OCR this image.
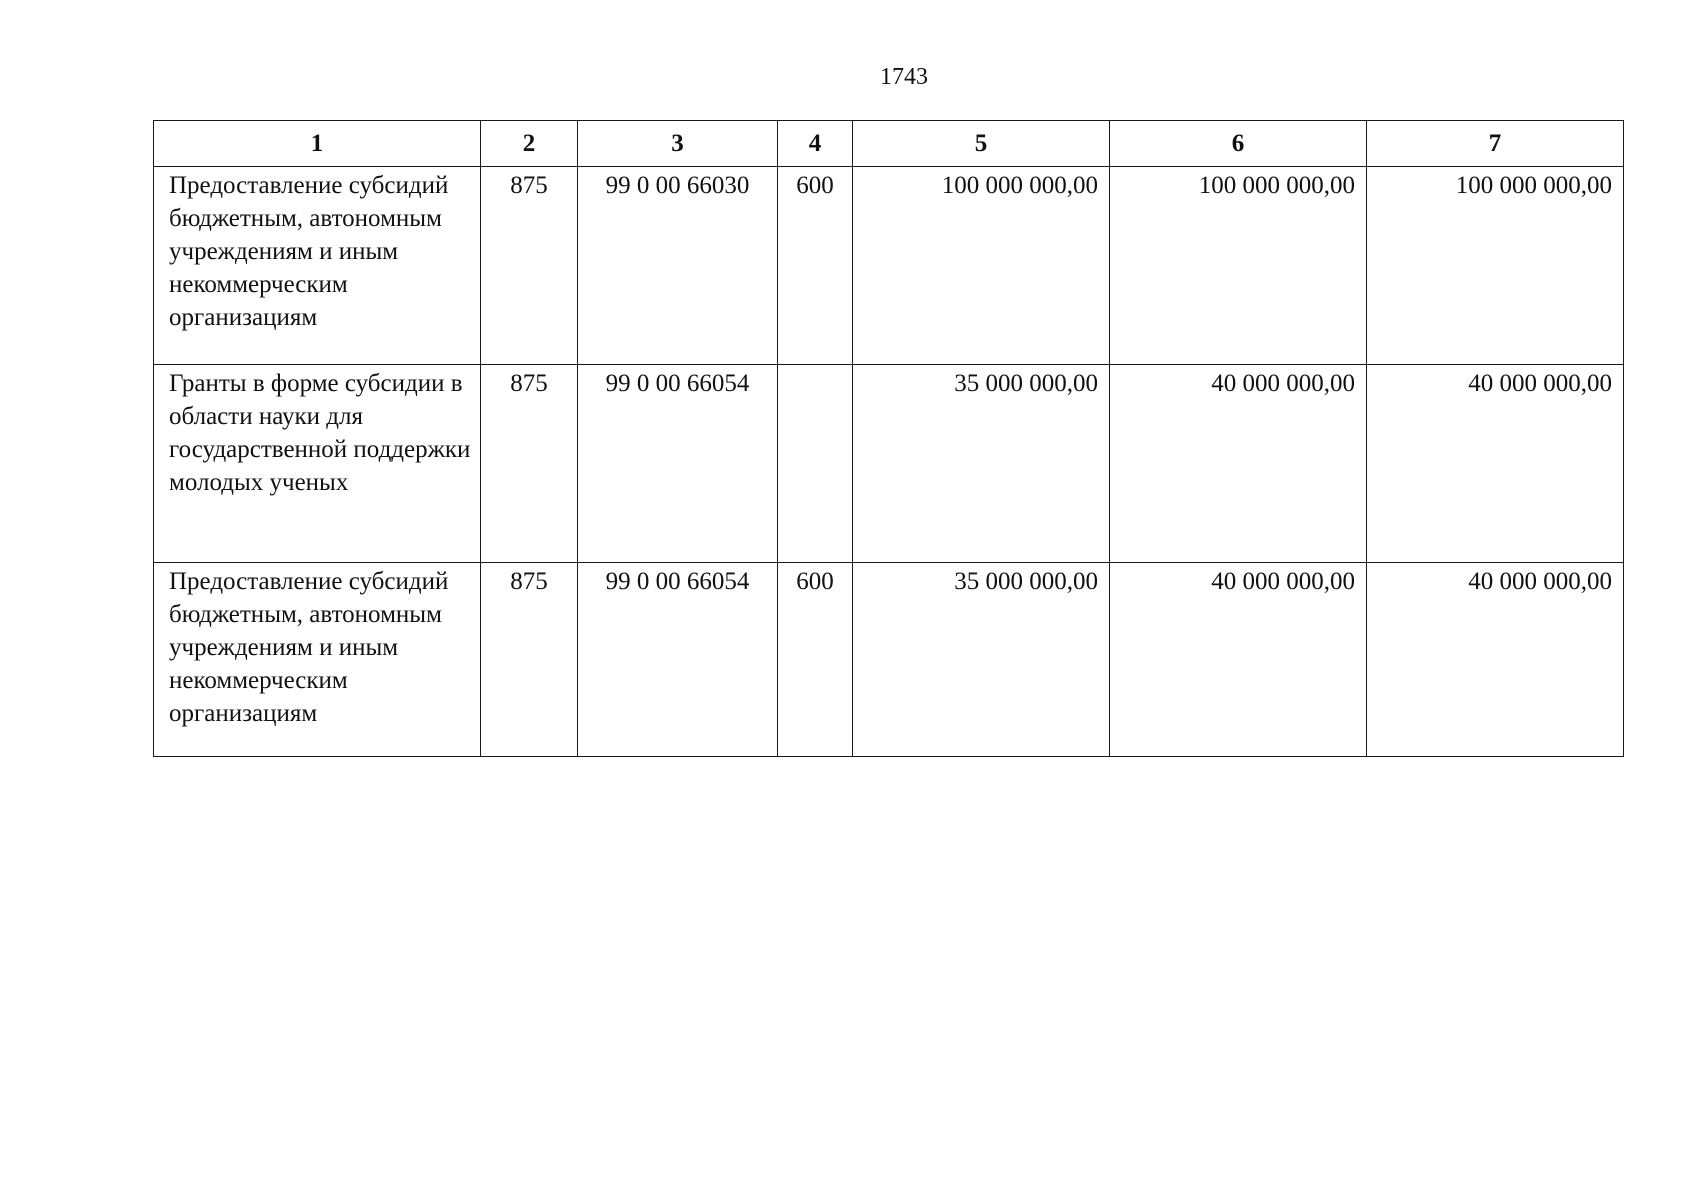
1743
1	2	3	4	5	6	7
Предоставление субсидий бюджетным, автономным учреждениям и иным некоммерческим организациям	875	99 0 00 66030	600	100 000 000,00	100 000 000,00	100 000 000,00
Гранты в форме субсидии в области науки для государственной поддержки молодых ученых	875	99 0 00 66054		35 000 000,00	40 000 000,00	40 000 000,00
Предоставление субсидий бюджетным, автономным учреждениям и иным некоммерческим организациям	875	99 0 00 66054	600	35 000 000,00	40 000 000,00	40 000 000,00
